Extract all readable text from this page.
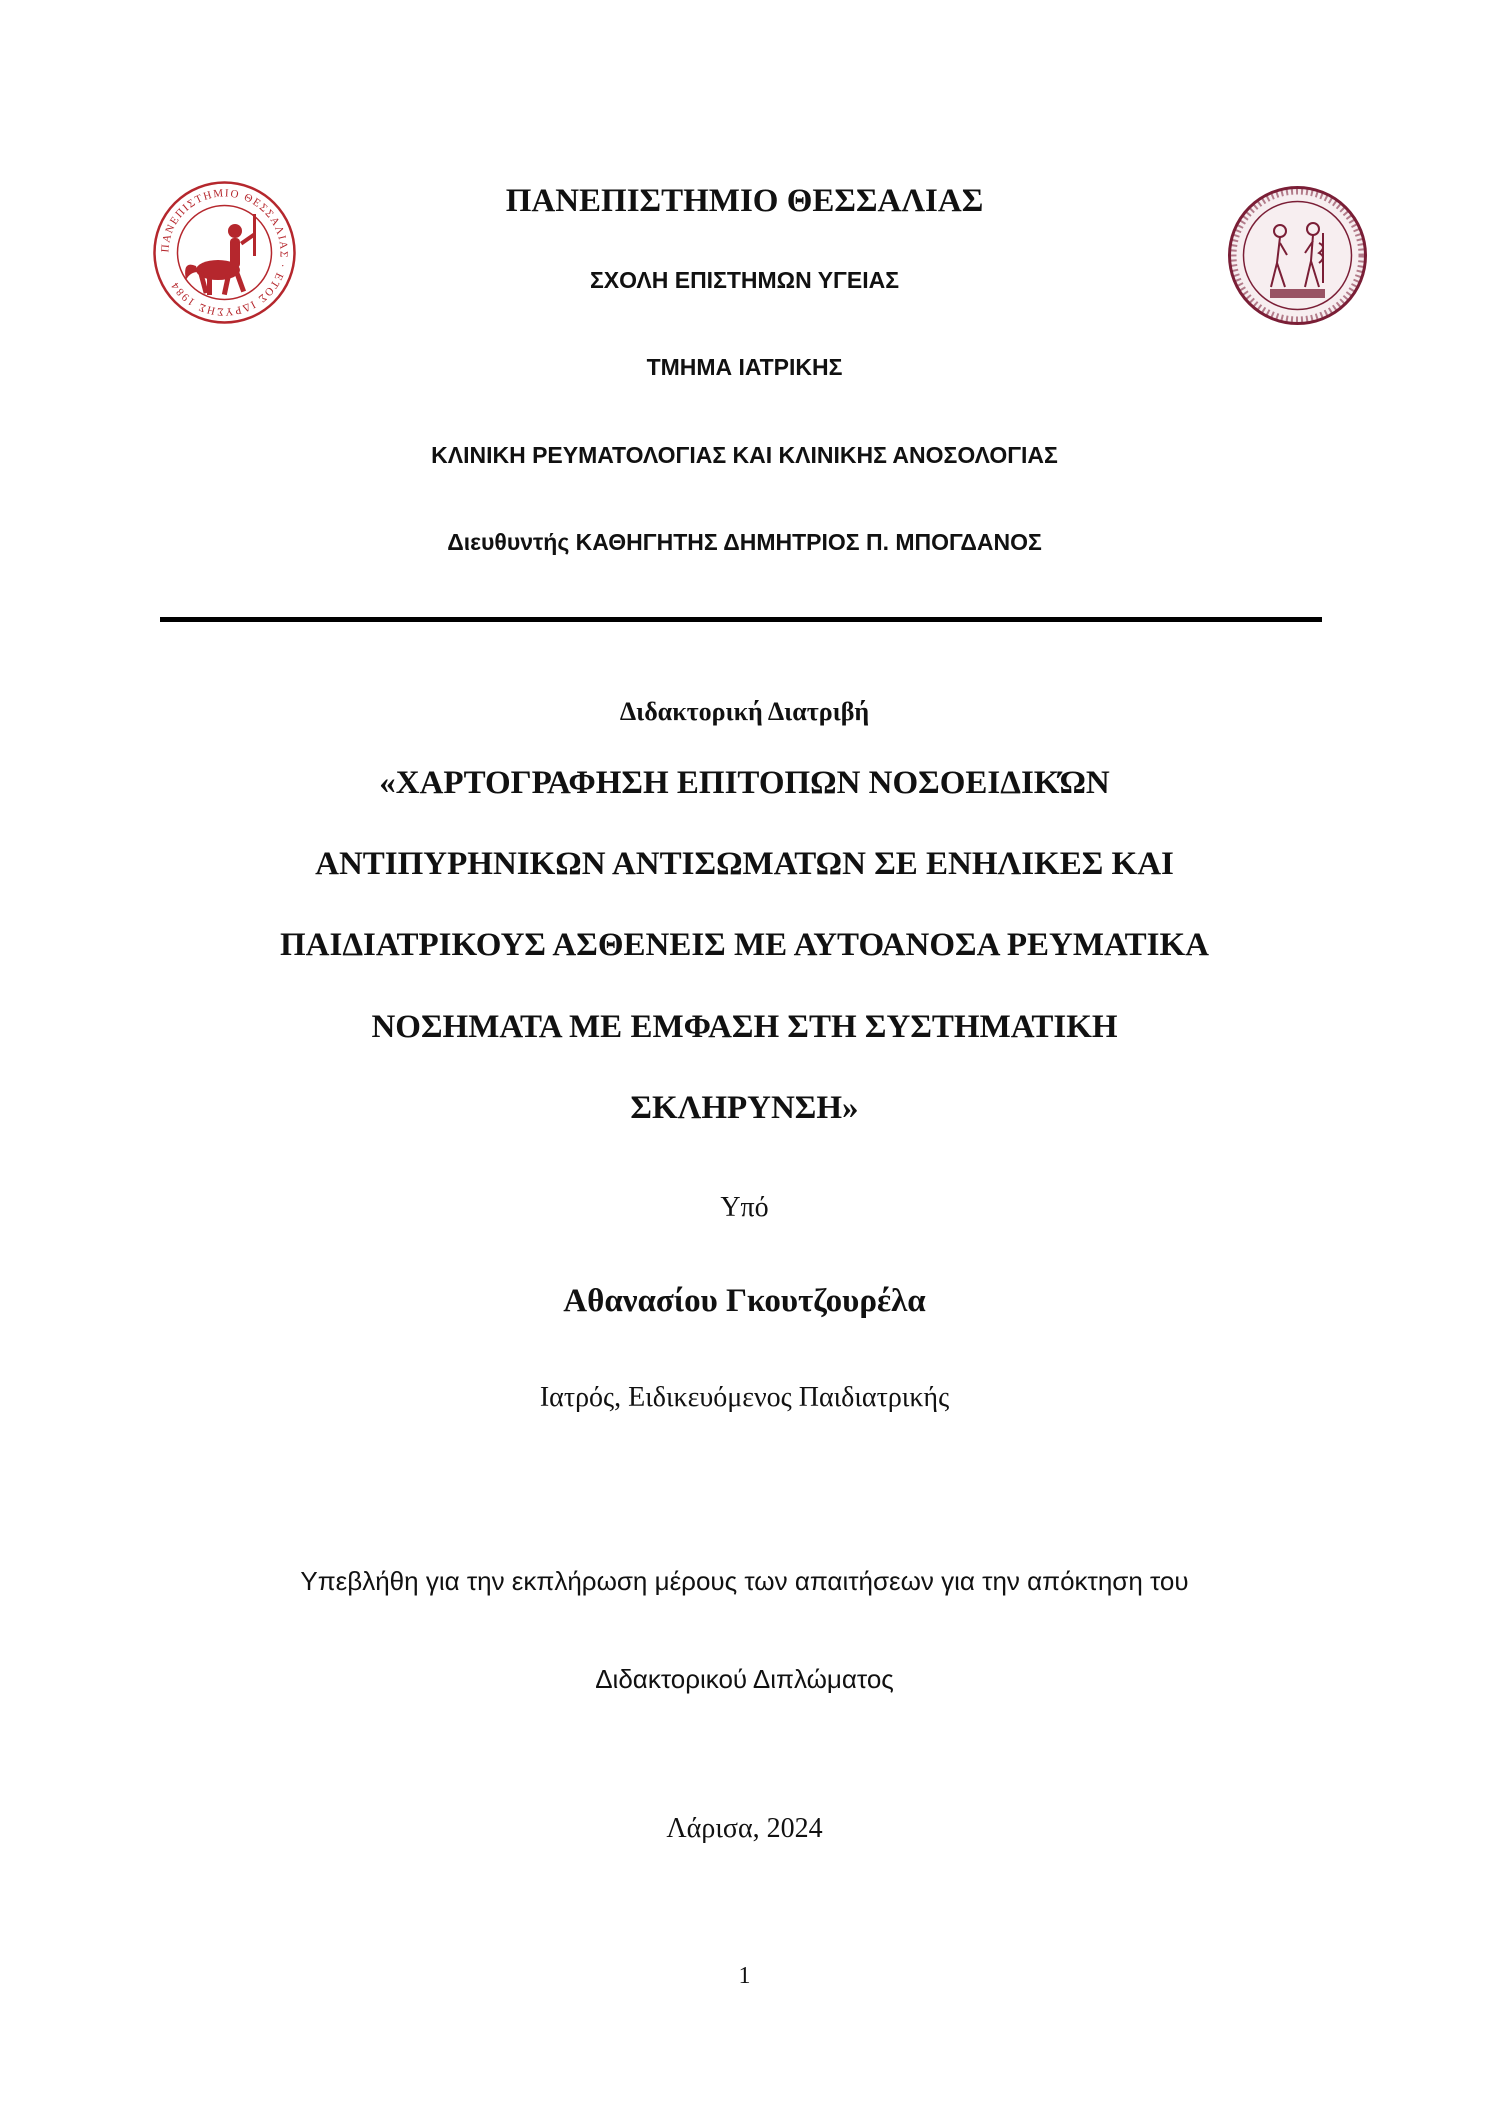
ΠΑΝΕΠΙΣΤΗΜΙΟ ΘΕΣΣΑΛΙΑΣ · ΕΤΟΣ ΙΔΡΥΣΗΣ 1984
ΠΑΝΕΠΙΣΤΗΜΙΟ ΘΕΣΣΑΛΙΑΣ
ΣΧΟΛΗ ΕΠΙΣΤΗΜΩΝ ΥΓΕΙΑΣ
ΤΜΗΜΑ ΙΑΤΡΙΚΗΣ
ΚΛΙΝΙΚΗ ΡΕΥΜΑΤΟΛΟΓΙΑΣ ΚΑΙ ΚΛΙΝΙΚΗΣ ΑΝΟΣΟΛΟΓΙΑΣ
Διευθυντής ΚΑΘΗΓΗΤΗΣ ΔΗΜΗΤΡΙΟΣ Π. ΜΠΟΓΔΑΝΟΣ
Διδακτορική Διατριβή
«ΧΑΡΤΟΓΡΑΦΗΣΗ ΕΠΙΤΟΠΩΝ ΝΟΣΟΕΙΔΙΚΏΝ
ΑΝΤΙΠΥΡΗΝΙΚΩΝ ΑΝΤΙΣΩΜΑΤΩΝ ΣΕ ΕΝΗΛΙΚΕΣ ΚΑΙ
ΠΑΙΔΙΑΤΡΙΚΟΥΣ ΑΣΘΕΝΕΙΣ ΜΕ ΑΥΤΟΑΝΟΣΑ ΡΕΥΜΑΤΙΚΑ
ΝΟΣΗΜΑΤΑ ΜΕ ΕΜΦΑΣΗ ΣΤΗ ΣΥΣΤΗΜΑΤΙΚΗ
ΣΚΛΗΡΥΝΣΗ»
Υπό
Αθανασίου Γκουτζουρέλα
Ιατρός, Ειδικευόμενος Παιδιατρικής
Υπεβλήθη για την εκπλήρωση μέρους των απαιτήσεων για την απόκτηση του
Διδακτορικού Διπλώματος
Λάρισα, 2024
1
